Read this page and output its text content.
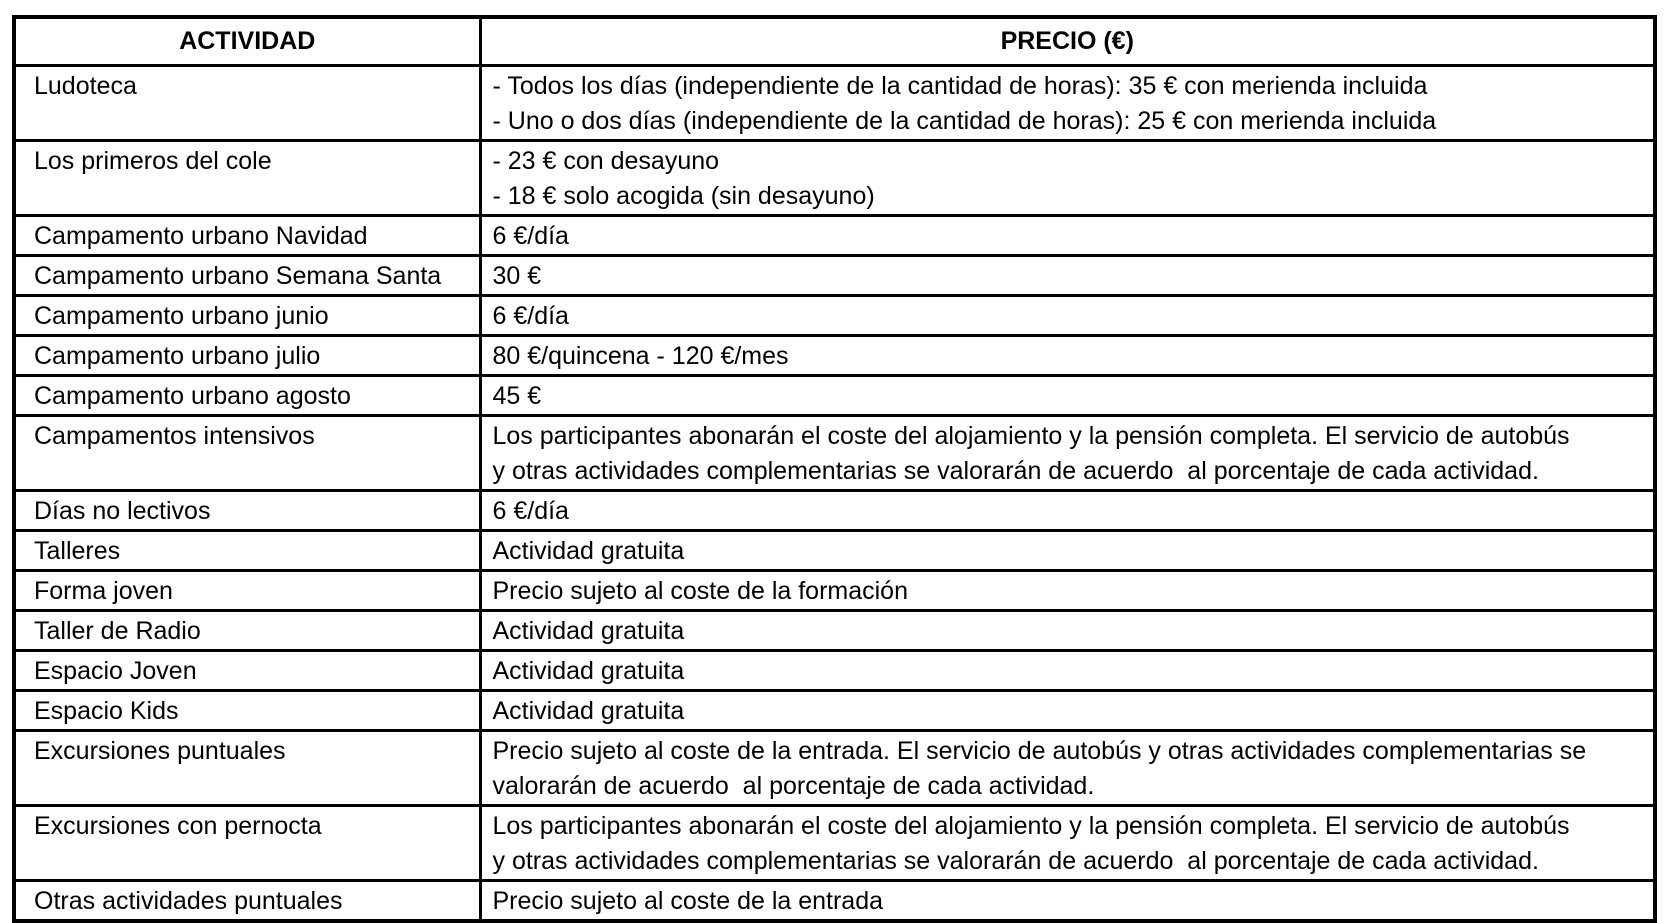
ACTIVIDAD	PRECIO (€)
Ludoteca	- Todos los días (independiente de la cantidad de horas): 35 € con merienda incluida
- Uno o dos días (independiente de la cantidad de horas): 25 € con merienda incluida

Los primeros del cole	- 23 € con desayuno
- 18 € solo acogida (sin desayuno)

Campamento urbano Navidad	6 €/día

Campamento urbano Semana Santa	30 €

Campamento urbano junio	6 €/día

Campamento urbano julio	80 €/quincena - 120 €/mes

Campamento urbano agosto	45 €

Campamentos intensivos	Los participantes abonarán el coste del alojamiento y la pensión completa. El servicio de autobús
y otras actividades complementarias se valorarán de acuerdo  al porcentaje de cada actividad.

Días no lectivos	6 €/día

Talleres	Actividad gratuita

Forma joven	Precio sujeto al coste de la formación

Taller de Radio	Actividad gratuita

Espacio Joven	Actividad gratuita

Espacio Kids	Actividad gratuita

Excursiones puntuales	Precio sujeto al coste de la entrada. El servicio de autobús y otras actividades complementarias se
valorarán de acuerdo  al porcentaje de cada actividad.

Excursiones con pernocta	Los participantes abonarán el coste del alojamiento y la pensión completa. El servicio de autobús
y otras actividades complementarias se valorarán de acuerdo  al porcentaje de cada actividad.

Otras actividades puntuales	Precio sujeto al coste de la entrada
